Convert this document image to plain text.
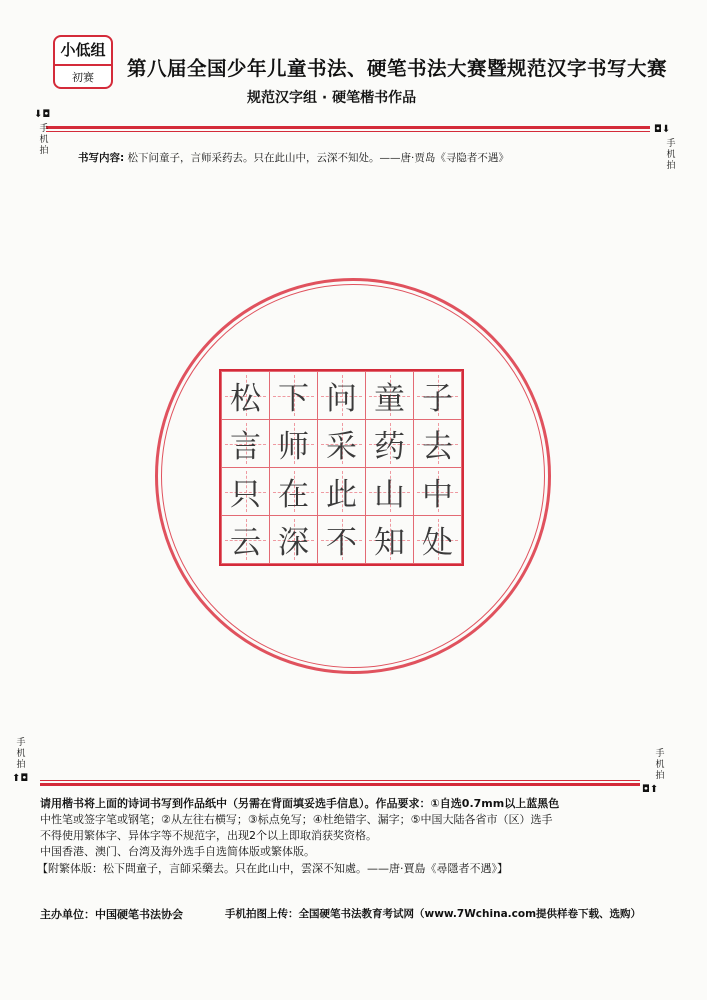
小低组
初赛	第八届全国少年儿童书法、硬笔书法大赛暨规范汉字书写大赛
规范汉字组 · 硬笔楷书作品
⬇◘
手机拍
◘⬇
手机拍
书写内容: 松下问童子，言师采药去。只在此山中，云深不知处。——唐·贾岛《寻隐者不遇》
松 下 问 童 子
言 师 采 药 去
只 在 此 山 中
云 深 不 知 处
手机拍
⬆◘
手机拍
◘⬆
请用楷书将上面的诗词书写到作品纸中（另需在背面填妥选手信息）。作品要求：①自选0.7mm以上蓝黑色
中性笔或签字笔或钢笔；②从左往右横写；③标点免写；④杜绝错字、漏字；⑤中国大陆各省市（区）选手
不得使用繁体字、异体字等不规范字，出现2个以上即取消获奖资格。
中国香港、澳门、台湾及海外选手自选简体版或繁体版。
【附繁体版：松下問童子，言師采藥去。只在此山中，雲深不知處。——唐·賈島《尋隱者不遇》】
主办单位：中国硬笔书法协会	手机拍图上传：全国硬笔书法教育考试网（www.7Wchina.com提供样卷下载、选购）
